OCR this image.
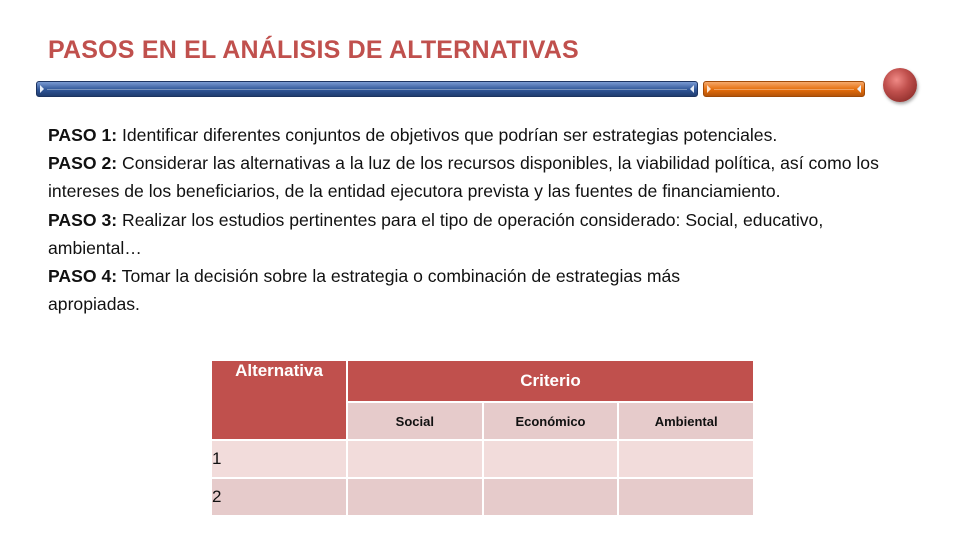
PASOS EN EL ANÁLISIS DE ALTERNATIVAS

PASO 1: Identificar diferentes conjuntos de objetivos que podrían ser estrategias potenciales.

PASO 2: Considerar las alternativas a la luz de los recursos disponibles, la viabilidad política, así como los intereses de los beneficiarios, de la entidad ejecutora prevista y las fuentes de financiamiento.

PASO 3: Realizar los estudios pertinentes para el tipo de operación considerado: Social, educativo, ambiental…

PASO 4: Tomar la decisión sobre la estrategia o combinación de estrategias más apropiadas.

Alternativa	Criterio		
	Social	Económico	Ambiental
1			
2			
